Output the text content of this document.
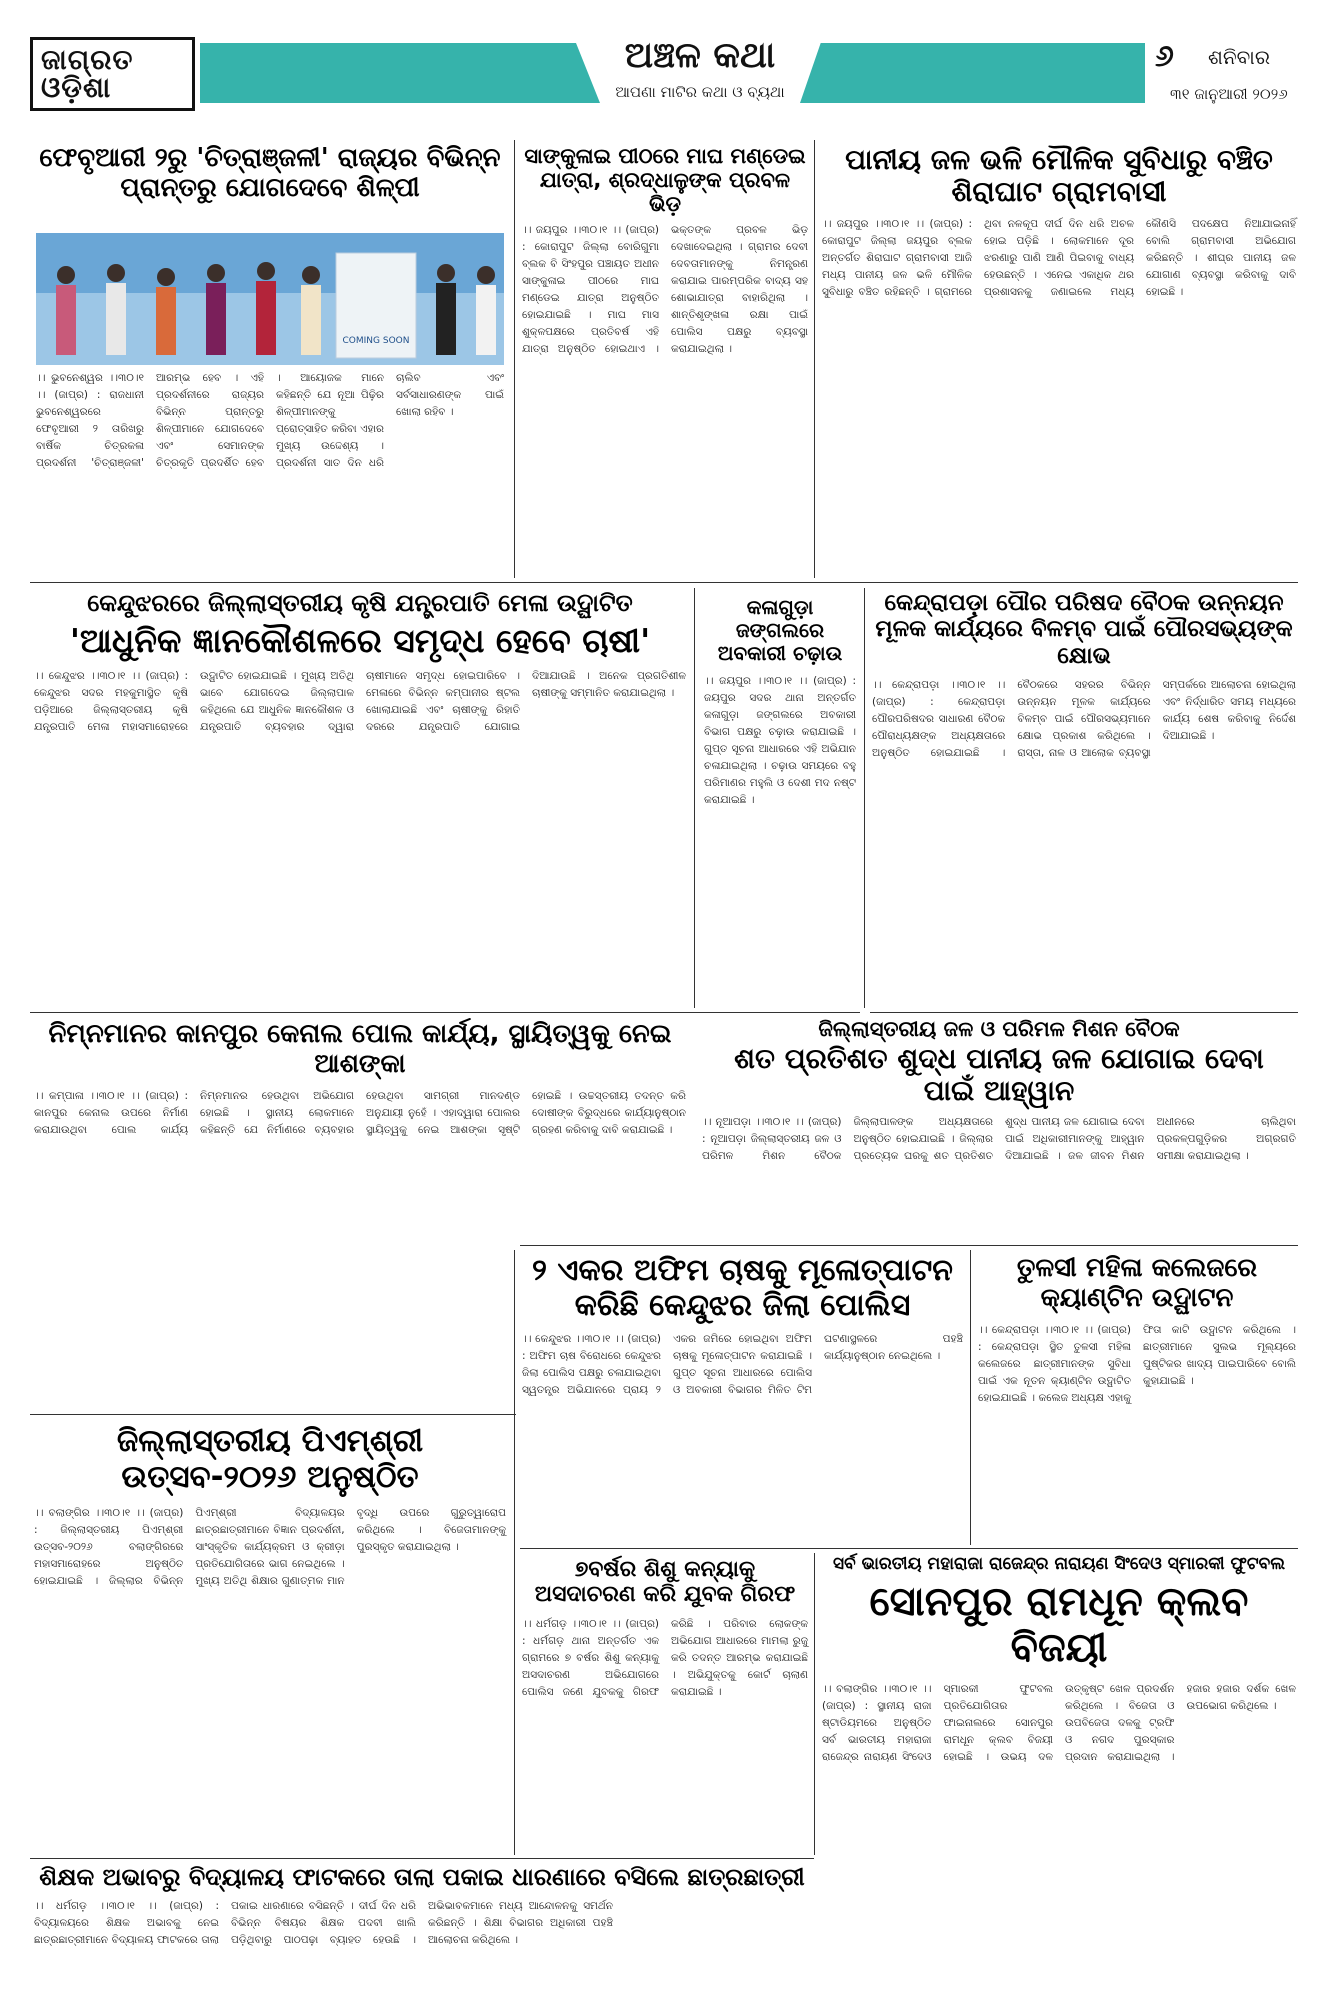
ଜାଗ୍ରତ ଓଡ଼ିଶା
ଅଞ୍ଚଳ କଥା
ଆପଣା ମାଟିର କଥା ଓ ବ୍ୟଥା
୬ ଶନିବାର
୩୧ ଜାନୁଆରୀ ୨୦୨୬
ଫେବୃଆରୀ ୨ରୁ 'ଚିତ୍ରାଞ୍ଜଳୀ' ରାଜ୍ୟର ବିଭିନ୍ନ ପ୍ରାନ୍ତରୁ ଯୋଗଦେବେ ଶିଳ୍ପୀ
COMING SOON
।। ଭୁବନେଶ୍ୱର ।।୩୦।୧ ।। (ଜାପ୍ର) : ରାଜଧାନୀ ଭୁବନେଶ୍ୱରରେ ଫେବୃଆରୀ ୨ ତାରିଖରୁ ବାର୍ଷିକ ଚିତ୍ରକଳା ପ୍ରଦର୍ଶନୀ 'ଚିତ୍ରାଞ୍ଜଳୀ' ଆରମ୍ଭ ହେବ । ଏହି ପ୍ରଦର୍ଶନୀରେ ରାଜ୍ୟର ବିଭିନ୍ନ ପ୍ରାନ୍ତରୁ ଶିଳ୍ପୀମାନେ ଯୋଗଦେବେ ଏବଂ ସେମାନଙ୍କ ଚିତ୍ରକୃତି ପ୍ରଦର୍ଶିତ ହେବ । ଆୟୋଜକ ମାନେ କହିଛନ୍ତି ଯେ ନୂଆ ପିଢ଼ିର ଶିଳ୍ପୀମାନଙ୍କୁ ପ୍ରୋତ୍ସାହିତ କରିବା ଏହାର ମୁଖ୍ୟ ଉଦ୍ଦେଶ୍ୟ । ପ୍ରଦର୍ଶନୀ ସାତ ଦିନ ଧରି ଚାଲିବ ଏବଂ ସର୍ବସାଧାରଣଙ୍କ ପାଇଁ ଖୋଲା ରହିବ ।
ସାଙ୍କୁଳାଇ ପୀଠରେ ମାଘ ମଣ୍ଡେଇ ଯାତ୍ରା, ଶ୍ରଦ୍ଧାଳୁଙ୍କ ପ୍ରବଳ ଭିଡ଼
।। ଜୟପୁର ।।୩୦।୧ ।। (ଜାପ୍ର) : କୋରାପୁଟ ଜିଲ୍ଲା ବୋରିଗୁମା ବ୍ଲକ ବି ସିଂହପୁର ପଞ୍ଚାୟତ ଅଧୀନ ସାଙ୍କୁଳାଇ ପୀଠରେ ମାଘ ମଣ୍ଡେଇ ଯାତ୍ରା ଅନୁଷ୍ଠିତ ହୋଇଯାଇଛି । ମାଘ ମାସ ଶୁକ୍ଳପକ୍ଷରେ ପ୍ରତିବର୍ଷ ଏହି ଯାତ୍ରା ଅନୁଷ୍ଠିତ ହୋଇଥାଏ । ଭକ୍ତଙ୍କ ପ୍ରବଳ ଭିଡ଼ ଦେଖାଦେଇଥିଲା । ଗ୍ରାମର ଦେବୀ ଦେବତାମାନଙ୍କୁ ନିମନ୍ତ୍ରଣ କରାଯାଇ ପାରମ୍ପରିକ ବାଦ୍ୟ ସହ ଶୋଭାଯାତ୍ରା ବାହାରିଥିଲା । ଶାନ୍ତିଶୃଙ୍ଖଳା ରକ୍ଷା ପାଇଁ ପୋଲିସ ପକ୍ଷରୁ ବ୍ୟବସ୍ଥା କରାଯାଇଥିଲା ।
ପାନୀୟ ଜଳ ଭଳି ମୌଳିକ ସୁବିଧାରୁ ବଞ୍ଚିତ ଶିରାଘାଟ ଗ୍ରାମବାସୀ
।। ଜୟପୁର ।।୩୦।୧ ।। (ଜାପ୍ର) : କୋରାପୁଟ ଜିଲ୍ଲା ଜୟପୁର ବ୍ଲକ ଅନ୍ତର୍ଗତ ଶିରାଘାଟ ଗ୍ରାମବାସୀ ଆଜି ମଧ୍ୟ ପାନୀୟ ଜଳ ଭଳି ମୌଳିକ ସୁବିଧାରୁ ବଞ୍ଚିତ ରହିଛନ୍ତି । ଗ୍ରାମରେ ଥିବା ନଳକୂପ ଦୀର୍ଘ ଦିନ ଧରି ଅଚଳ ହୋଇ ପଡ଼ିଛି । ଲୋକମାନେ ଦୂର ଝରଣାରୁ ପାଣି ଆଣି ପିଇବାକୁ ବାଧ୍ୟ ହେଉଛନ୍ତି । ଏନେଇ ଏକାଧିକ ଥର ପ୍ରଶାସନକୁ ଜଣାଇଲେ ମଧ୍ୟ କୌଣସି ପଦକ୍ଷେପ ନିଆଯାଇନାହିଁ ବୋଲି ଗ୍ରାମବାସୀ ଅଭିଯୋଗ କରିଛନ୍ତି । ଶୀଘ୍ର ପାନୀୟ ଜଳ ଯୋଗାଣ ବ୍ୟବସ୍ଥା କରିବାକୁ ଦାବି ହୋଇଛି ।
କେନ୍ଦୁଝରରେ ଜିଲ୍ଲାସ୍ତରୀୟ କୃଷି ଯନ୍ତ୍ରପାତି ମେଳା ଉଦ୍ଘାଟିତ
'ଆଧୁନିକ ଜ୍ଞାନକୌଶଳରେ ସମୃଦ୍ଧ ହେବେ ଚାଷୀ'
।। କେନ୍ଦୁଝର ।।୩୦।୧ ।। (ଜାପ୍ର) : କେନ୍ଦୁଝର ସଦର ମହକୁମାସ୍ଥିତ କୃଷି ପଡ଼ିଆରେ ଜିଲ୍ଲାସ୍ତରୀୟ କୃଷି ଯନ୍ତ୍ରପାତି ମେଳା ମହାସମାରୋହରେ ଉଦ୍ଘାଟିତ ହୋଇଯାଇଛି । ମୁଖ୍ୟ ଅତିଥି ଭାବେ ଯୋଗଦେଇ ଜିଲ୍ଲାପାଳ କହିଥିଲେ ଯେ ଆଧୁନିକ ଜ୍ଞାନକୌଶଳ ଓ ଯନ୍ତ୍ରପାତି ବ୍ୟବହାର ଦ୍ୱାରା ଚାଷୀମାନେ ସମୃଦ୍ଧ ହୋଇପାରିବେ । ମେଳାରେ ବିଭିନ୍ନ କମ୍ପାନୀର ଷ୍ଟଲ ଖୋଲାଯାଇଛି ଏବଂ ଚାଷୀଙ୍କୁ ରିହାତି ଦରରେ ଯନ୍ତ୍ରପାତି ଯୋଗାଇ ଦିଆଯାଉଛି । ଅନେକ ପ୍ରଗତିଶୀଳ ଚାଷୀଙ୍କୁ ସମ୍ମାନିତ କରାଯାଇଥିଲା ।
କଳାଗୁଡ଼ା ଜଙ୍ଗଲରେ ଅବକାରୀ ଚଢ଼ାଉ
।। ଜୟପୁର ।।୩୦।୧ ।। (ଜାପ୍ର) : ଜୟପୁର ସଦର ଥାନା ଅନ୍ତର୍ଗତ କଳାଗୁଡ଼ା ଜଙ୍ଗଲରେ ଅବକାରୀ ବିଭାଗ ପକ୍ଷରୁ ଚଢ଼ାଉ କରାଯାଇଛି । ଗୁପ୍ତ ସୂଚନା ଆଧାରରେ ଏହି ଅଭିଯାନ ଚଳାଯାଇଥିଲା । ଚଢ଼ାଉ ସମୟରେ ବହୁ ପରିମାଣର ମହୁଲି ଓ ଦେଶୀ ମଦ ନଷ୍ଟ କରାଯାଇଛି ।
କେନ୍ଦ୍ରାପଡ଼ା ପୌର ପରିଷଦ ବୈଠକ ଉନ୍ନୟନ ମୂଳକ କାର୍ଯ୍ୟରେ ବିଳମ୍ବ ପାଇଁ ପୌରସଭ୍ୟଙ୍କ କ୍ଷୋଭ
।। କେନ୍ଦ୍ରାପଡ଼ା ।।୩୦।୧ ।। (ଜାପ୍ର) : କେନ୍ଦ୍ରାପଡ଼ା ପୌରପରିଷଦର ସାଧାରଣ ବୈଠକ ପୌରାଧ୍ୟକ୍ଷଙ୍କ ଅଧ୍ୟକ୍ଷତାରେ ଅନୁଷ୍ଠିତ ହୋଇଯାଇଛି । ବୈଠକରେ ସହରର ବିଭିନ୍ନ ଉନ୍ନୟନ ମୂଳକ କାର୍ଯ୍ୟରେ ବିଳମ୍ବ ପାଇଁ ପୌରସଭ୍ୟମାନେ କ୍ଷୋଭ ପ୍ରକାଶ କରିଥିଲେ । ରାସ୍ତା, ନାଳ ଓ ଆଲୋକ ବ୍ୟବସ୍ଥା ସମ୍ପର୍କରେ ଆଲୋଚନା ହୋଇଥିଲା ଏବଂ ନିର୍ଦ୍ଧାରିତ ସମୟ ମଧ୍ୟରେ କାର୍ଯ୍ୟ ଶେଷ କରିବାକୁ ନିର୍ଦ୍ଦେଶ ଦିଆଯାଇଛି ।
ଜିଲ୍ଲାସ୍ତରୀୟ ଜଳ ଓ ପରିମଳ ମିଶନ ବୈଠକ
ଶତ ପ୍ରତିଶତ ଶୁଦ୍ଧ ପାନୀୟ ଜଳ ଯୋଗାଇ ଦେବା ପାଇଁ ଆହ୍ୱାନ
।। ନୂଆପଡ଼ା ।।୩୦।୧ ।। (ଜାପ୍ର) : ନୂଆପଡ଼ା ଜିଲ୍ଲାସ୍ତରୀୟ ଜଳ ଓ ପରିମଳ ମିଶନ ବୈଠକ ଜିଲ୍ଲାପାଳଙ୍କ ଅଧ୍ୟକ୍ଷତାରେ ଅନୁଷ୍ଠିତ ହୋଇଯାଇଛି । ଜିଲ୍ଲାର ପ୍ରତ୍ୟେକ ଘରକୁ ଶତ ପ୍ରତିଶତ ଶୁଦ୍ଧ ପାନୀୟ ଜଳ ଯୋଗାଇ ଦେବା ପାଇଁ ଅଧିକାରୀମାନଙ୍କୁ ଆହ୍ୱାନ ଦିଆଯାଇଛି । ଜଳ ଜୀବନ ମିଶନ ଅଧୀନରେ ଚାଲିଥିବା ପ୍ରକଳ୍ପଗୁଡ଼ିକର ଅଗ୍ରଗତି ସମୀକ୍ଷା କରାଯାଇଥିଲା ।
ନିମ୍ନମାନର କାନପୁର କେନାଲ ପୋଲ କାର୍ଯ୍ୟ, ସ୍ଥାୟିତ୍ୱକୁ ନେଇ ଆଶଙ୍କା
।। କମ୍ପାଳା ।।୩୦।୧ ।। (ଜାପ୍ର) : କାନପୁର କେନାଲ ଉପରେ ନିର୍ମାଣ କରାଯାଉଥିବା ପୋଲ କାର୍ଯ୍ୟ ନିମ୍ନମାନର ହେଉଥିବା ଅଭିଯୋଗ ହୋଇଛି । ସ୍ଥାନୀୟ ଲୋକମାନେ କହିଛନ୍ତି ଯେ ନିର୍ମାଣରେ ବ୍ୟବହାର ହେଉଥିବା ସାମଗ୍ରୀ ମାନଦଣ୍ଡ ଅନୁଯାୟୀ ନୁହେଁ । ଏହାଦ୍ୱାରା ପୋଲର ସ୍ଥାୟିତ୍ୱକୁ ନେଇ ଆଶଙ୍କା ସୃଷ୍ଟି ହୋଇଛି । ଉଚ୍ଚସ୍ତରୀୟ ତଦନ୍ତ କରି ଦୋଷୀଙ୍କ ବିରୁଦ୍ଧରେ କାର୍ଯ୍ୟାନୁଷ୍ଠାନ ଗ୍ରହଣ କରିବାକୁ ଦାବି କରାଯାଇଛି ।
୨ ଏକର ଅଫିମ ଚାଷକୁ ମୂଳୋତ୍ପାଟନ କରିଛି କେନ୍ଦୁଝର ଜିଲା ପୋଲିସ
।। କେନ୍ଦୁଝର ।।୩୦।୧ ।। (ଜାପ୍ର) : ଅଫିମ ଚାଷ ବିରୋଧରେ କେନ୍ଦୁଝର ଜିଲା ପୋଲିସ ପକ୍ଷରୁ ଚଳାଯାଇଥିବା ସ୍ୱତନ୍ତ୍ର ଅଭିଯାନରେ ପ୍ରାୟ ୨ ଏକର ଜମିରେ ହୋଇଥିବା ଅଫିମ ଚାଷକୁ ମୂଳୋତ୍ପାଟନ କରାଯାଇଛି । ଗୁପ୍ତ ସୂଚନା ଆଧାରରେ ପୋଲିସ ଓ ଅବକାରୀ ବିଭାଗର ମିଳିତ ଟିମ ଘଟଣାସ୍ଥଳରେ ପହଞ୍ଚି କାର୍ଯ୍ୟାନୁଷ୍ଠାନ ନେଇଥିଲେ ।
ତୁଳସୀ ମହିଳା କଲେଜରେ କ୍ୟାଣ୍ଟିନ ଉଦ୍ଘାଟନ
।। କେନ୍ଦ୍ରାପଡ଼ା ।।୩୦।୧ ।। (ଜାପ୍ର) : କେନ୍ଦ୍ରାପଡ଼ା ସ୍ଥିତ ତୁଳସୀ ମହିଳା କଲେଜରେ ଛାତ୍ରୀମାନଙ୍କ ସୁବିଧା ପାଇଁ ଏକ ନୂତନ କ୍ୟାଣ୍ଟିନ ଉଦ୍ଘାଟିତ ହୋଇଯାଇଛି । କଲେଜ ଅଧ୍ୟକ୍ଷ ଏହାକୁ ଫିତା କାଟି ଉଦ୍ଘାଟନ କରିଥିଲେ । ଛାତ୍ରୀମାନେ ସୁଲଭ ମୂଲ୍ୟରେ ପୁଷ୍ଟିକର ଖାଦ୍ୟ ପାଇପାରିବେ ବୋଲି କୁହାଯାଇଛି ।
ଜିଲ୍ଲାସ୍ତରୀୟ ପିଏମ୍ଶ୍ରୀ ଉତ୍ସବ-୨୦୨୬ ଅନୁଷ୍ଠିତ
।। ବଲାଙ୍ଗିର ।।୩୦।୧ ।। (ଜାପ୍ର) : ଜିଲ୍ଲାସ୍ତରୀୟ ପିଏମ୍ଶ୍ରୀ ଉତ୍ସବ-୨୦୨୬ ବଲାଙ୍ଗିରରେ ମହାସମାରୋହରେ ଅନୁଷ୍ଠିତ ହୋଇଯାଇଛି । ଜିଲ୍ଲାର ବିଭିନ୍ନ ପିଏମ୍ଶ୍ରୀ ବିଦ୍ୟାଳୟର ଛାତ୍ରଛାତ୍ରୀମାନେ ବିଜ୍ଞାନ ପ୍ରଦର୍ଶନୀ, ସାଂସ୍କୃତିକ କାର୍ଯ୍ୟକ୍ରମ ଓ କ୍ରୀଡ଼ା ପ୍ରତିଯୋଗିତାରେ ଭାଗ ନେଇଥିଲେ । ମୁଖ୍ୟ ଅତିଥି ଶିକ୍ଷାର ଗୁଣାତ୍ମକ ମାନ ବୃଦ୍ଧି ଉପରେ ଗୁରୁତ୍ୱାରୋପ କରିଥିଲେ । ବିଜେତାମାନଙ୍କୁ ପୁରସ୍କୃତ କରାଯାଇଥିଲା ।
୭ବର୍ଷର ଶିଶୁ କନ୍ୟାକୁ ଅସଦାଚରଣ କରି ଯୁବକ ଗିରଫ
।। ଧର୍ମଗଡ଼ ।।୩୦।୧ ।। (ଜାପ୍ର) : ଧର୍ମଗଡ଼ ଥାନା ଅନ୍ତର୍ଗତ ଏକ ଗ୍ରାମରେ ୭ ବର୍ଷର ଶିଶୁ କନ୍ୟାକୁ ଅସଦାଚରଣ ଅଭିଯୋଗରେ ପୋଲିସ ଜଣେ ଯୁବକକୁ ଗିରଫ କରିଛି । ପରିବାର ଲୋକଙ୍କ ଅଭିଯୋଗ ଆଧାରରେ ମାମଲା ରୁଜୁ କରି ତଦନ୍ତ ଆରମ୍ଭ କରାଯାଇଛି । ଅଭିଯୁକ୍ତକୁ କୋର୍ଟ ଚାଲାଣ କରାଯାଇଛି ।
ସର୍ବ ଭାରତୀୟ ମହାରାଜା ରାଜେନ୍ଦ୍ର ନାରାୟଣ ସିଂଦେଓ ସ୍ମାରକୀ ଫୁଟବଲ
ସୋନପୁର ରାମଧୂନ କ୍ଲବ ବିଜୟୀ
।। ବଲାଙ୍ଗିର ।।୩୦।୧ ।। (ଜାପ୍ର) : ସ୍ଥାନୀୟ ରାଜା ଷ୍ଟାଡିୟମରେ ଅନୁଷ୍ଠିତ ସର୍ବ ଭାରତୀୟ ମହାରାଜା ରାଜେନ୍ଦ୍ର ନାରାୟଣ ସିଂଦେଓ ସ୍ମାରକୀ ଫୁଟବଲ ପ୍ରତିଯୋଗିତାର ଫାଇନାଲରେ ସୋନପୁର ରାମଧୂନ କ୍ଲବ ବିଜୟୀ ହୋଇଛି । ଉଭୟ ଦଳ ଉତ୍କୃଷ୍ଟ ଖେଳ ପ୍ରଦର୍ଶନ କରିଥିଲେ । ବିଜେତା ଓ ଉପବିଜେତା ଦଳକୁ ଟ୍ରଫି ଓ ନଗଦ ପୁରସ୍କାର ପ୍ରଦାନ କରାଯାଇଥିଲା । ହଜାର ହଜାର ଦର୍ଶକ ଖେଳ ଉପଭୋଗ କରିଥିଲେ ।
ଶିକ୍ଷକ ଅଭାବରୁ ବିଦ୍ୟାଳୟ ଫାଟକରେ ତାଲା ପକାଇ ଧାରଣାରେ ବସିଲେ ଛାତ୍ରଛାତ୍ରୀ
।। ଧର୍ମଗଡ଼ ।।୩୦।୧ ।। (ଜାପ୍ର) : ବିଦ୍ୟାଳୟରେ ଶିକ୍ଷକ ଅଭାବକୁ ନେଇ ଛାତ୍ରଛାତ୍ରୀମାନେ ବିଦ୍ୟାଳୟ ଫାଟକରେ ତାଲା ପକାଇ ଧାରଣାରେ ବସିଛନ୍ତି । ଦୀର୍ଘ ଦିନ ଧରି ବିଭିନ୍ନ ବିଷୟର ଶିକ୍ଷକ ପଦବୀ ଖାଲି ପଡ଼ିଥିବାରୁ ପାଠପଢ଼ା ବ୍ୟାହତ ହେଉଛି । ଅଭିଭାବକମାନେ ମଧ୍ୟ ଆନ୍ଦୋଳନକୁ ସମର୍ଥନ କରିଛନ୍ତି । ଶିକ୍ଷା ବିଭାଗର ଅଧିକାରୀ ପହଞ୍ଚି ଆଲୋଚନା କରିଥିଲେ ।
